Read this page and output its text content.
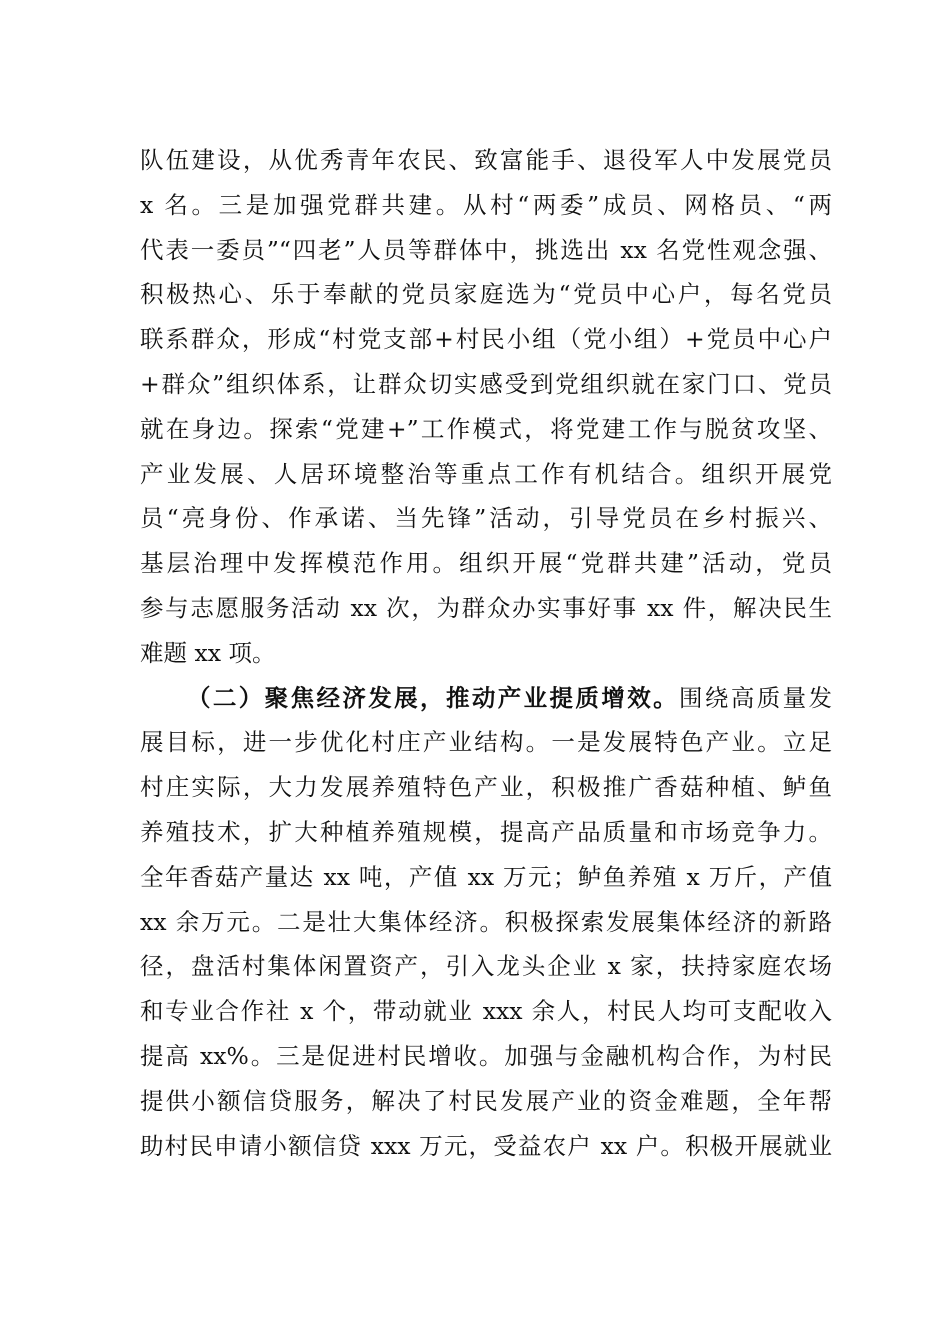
队伍建设，从优秀青年农民、致富能手、退役军人中发展党员
x 名。三是加强党群共建。从村“两委”成员、网格员、“两
代表一委员”“四老”人员等群体中，挑选出 xx 名党性观念强、
积极热心、乐于奉献的党员家庭选为“党员中心户，每名党员
联系群众，形成“村党支部+村民小组（党小组）+党员中心户
+群众”组织体系，让群众切实感受到党组织就在家门口、党员
就在身边。探索“党建+”工作模式，将党建工作与脱贫攻坚、
产业发展、人居环境整治等重点工作有机结合。组织开展党
员“亮身份、作承诺、当先锋”活动，引导党员在乡村振兴、
基层治理中发挥模范作用。组织开展“党群共建”活动，党员
参与志愿服务活动 xx 次，为群众办实事好事 xx 件，解决民生
难题 xx 项。
（二）聚焦经济发展，推动产业提质增效。围绕高质量发
展目标，进一步优化村庄产业结构。一是发展特色产业。立足
村庄实际，大力发展养殖特色产业，积极推广香菇种植、鲈鱼
养殖技术，扩大种植养殖规模，提高产品质量和市场竞争力。
全年香菇产量达 xx 吨，产值 xx 万元；鲈鱼养殖 x 万斤，产值
xx 余万元。二是壮大集体经济。积极探索发展集体经济的新路
径，盘活村集体闲置资产，引入龙头企业 x 家，扶持家庭农场
和专业合作社 x 个，带动就业 xxx 余人，村民人均可支配收入
提高 xx%。三是促进村民增收。加强与金融机构合作，为村民
提供小额信贷服务，解决了村民发展产业的资金难题，全年帮
助村民申请小额信贷 xxx 万元，受益农户 xx 户。积极开展就业
